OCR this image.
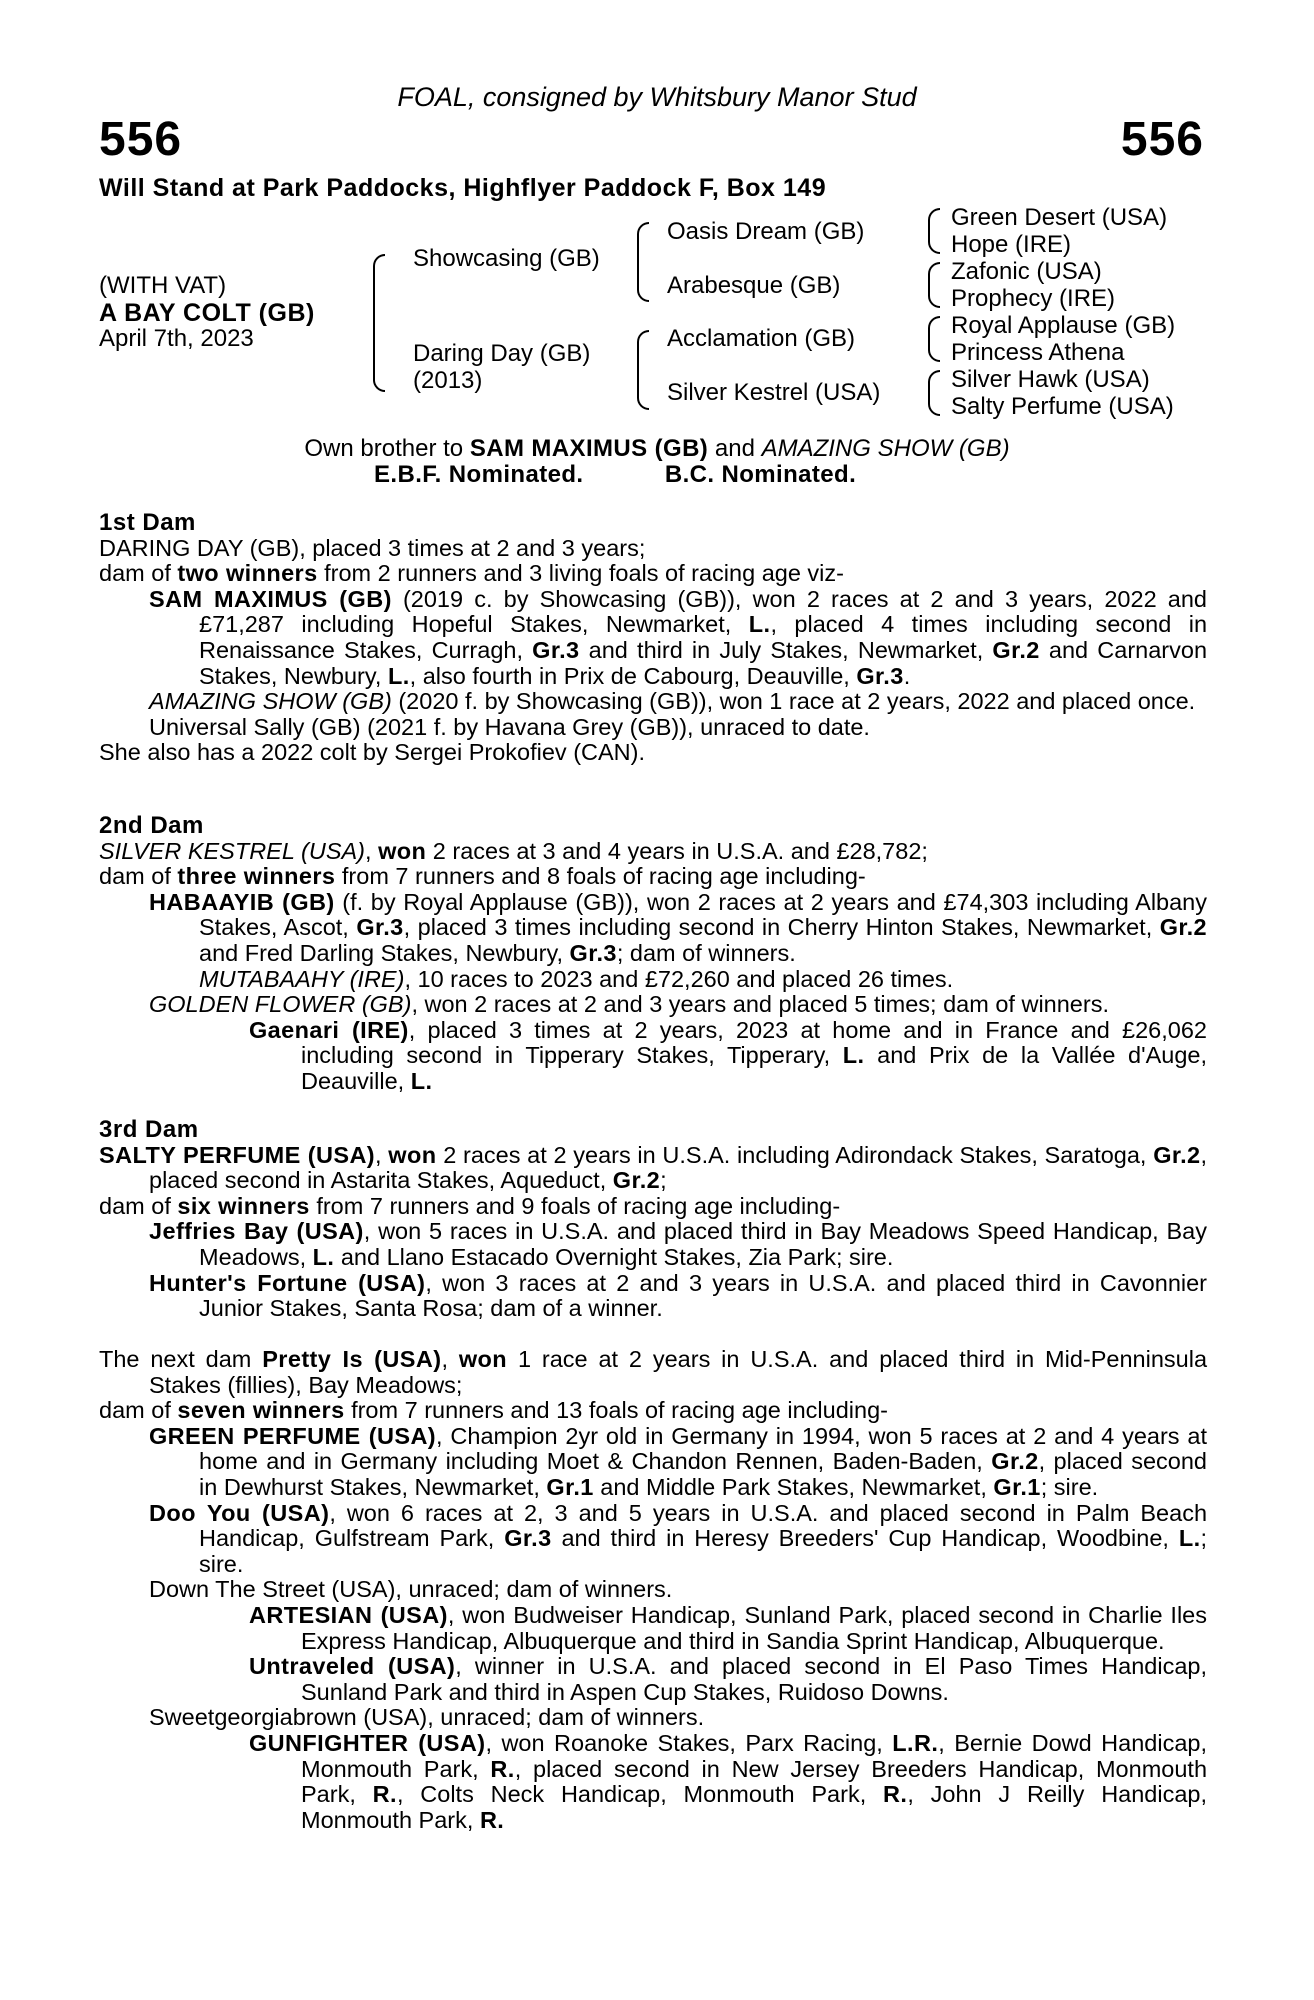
FOAL, consigned by Whitsbury Manor Stud
556	556
Will Stand at Park Paddocks, Highflyer Paddock F, Box 149
(WITH VAT)
A BAY COLT (GB)
April 7th, 2023
Showcasing (GB)
Daring Day (GB)
(2013)
Oasis Dream (GB)
Arabesque (GB)
Acclamation (GB)
Silver Kestrel (USA)
Green Desert (USA)
Hope (IRE)
Zafonic (USA)
Prophecy (IRE)
Royal Applause (GB)
Princess Athena
Silver Hawk (USA)
Salty Perfume (USA)
Own brother to SAM MAXIMUS (GB) and AMAZING SHOW (GB)
E.B.F. Nominated.	B.C. Nominated.

1st Dam

DARING DAY (GB), placed 3 times at 2 and 3 years;

dam of two winners from 2 runners and 3 living foals of racing age viz-

SAM MAXIMUS (GB) (2019 c. by Showcasing (GB)), won 2 races at 2 and 3 years, 2022 and £71,287 including Hopeful Stakes, Newmarket, L., placed 4 times including second in Renaissance Stakes, Curragh, Gr.3 and third in July Stakes, Newmarket, Gr.2 and Carnarvon Stakes, Newbury, L., also fourth in Prix de Cabourg, Deauville, Gr.3.

AMAZING SHOW (GB) (2020 f. by Showcasing (GB)), won 1 race at 2 years, 2022 and placed once.

Universal Sally (GB) (2021 f. by Havana Grey (GB)), unraced to date.

She also has a 2022 colt by Sergei Prokofiev (CAN).

2nd Dam

SILVER KESTREL (USA), won 2 races at 3 and 4 years in U.S.A. and £28,782;

dam of three winners from 7 runners and 8 foals of racing age including-

HABAAYIB (GB) (f. by Royal Applause (GB)), won 2 races at 2 years and £74,303 including Albany Stakes, Ascot, Gr.3, placed 3 times including second in Cherry Hinton Stakes, Newmarket, Gr.2 and Fred Darling Stakes, Newbury, Gr.3; dam of winners.

MUTABAAHY (IRE), 10 races to 2023 and £72,260 and placed 26 times.

GOLDEN FLOWER (GB), won 2 races at 2 and 3 years and placed 5 times; dam of winners.

Gaenari (IRE), placed 3 times at 2 years, 2023 at home and in France and £26,062 including second in Tipperary Stakes, Tipperary, L. and Prix de la Vallée d'Auge, Deauville, L.

3rd Dam

SALTY PERFUME (USA), won 2 races at 2 years in U.S.A. including Adirondack Stakes, Saratoga, Gr.2, placed second in Astarita Stakes, Aqueduct, Gr.2;

dam of six winners from 7 runners and 9 foals of racing age including-

Jeffries Bay (USA), won 5 races in U.S.A. and placed third in Bay Meadows Speed Handicap, Bay Meadows, L. and Llano Estacado Overnight Stakes, Zia Park; sire.

Hunter's Fortune (USA), won 3 races at 2 and 3 years in U.S.A. and placed third in Cavonnier Junior Stakes, Santa Rosa; dam of a winner.

The next dam Pretty Is (USA), won 1 race at 2 years in U.S.A. and placed third in Mid-Penninsula Stakes (fillies), Bay Meadows;

dam of seven winners from 7 runners and 13 foals of racing age including-

GREEN PERFUME (USA), Champion 2yr old in Germany in 1994, won 5 races at 2 and 4 years at home and in Germany including Moet & Chandon Rennen, Baden-Baden, Gr.2, placed second in Dewhurst Stakes, Newmarket, Gr.1 and Middle Park Stakes, Newmarket, Gr.1; sire.

Doo You (USA), won 6 races at 2, 3 and 5 years in U.S.A. and placed second in Palm Beach Handicap, Gulfstream Park, Gr.3 and third in Heresy Breeders' Cup Handicap, Woodbine, L.; sire.

Down The Street (USA), unraced; dam of winners.

ARTESIAN (USA), won Budweiser Handicap, Sunland Park, placed second in Charlie Iles Express Handicap, Albuquerque and third in Sandia Sprint Handicap, Albuquerque.

Untraveled (USA), winner in U.S.A. and placed second in El Paso Times Handicap, Sunland Park and third in Aspen Cup Stakes, Ruidoso Downs.

Sweetgeorgiabrown (USA), unraced; dam of winners.

GUNFIGHTER (USA), won Roanoke Stakes, Parx Racing, L.R., Bernie Dowd Handicap, Monmouth Park, R., placed second in New Jersey Breeders Handicap, Monmouth Park, R., Colts Neck Handicap, Monmouth Park, R., John J Reilly Handicap, Monmouth Park, R.
